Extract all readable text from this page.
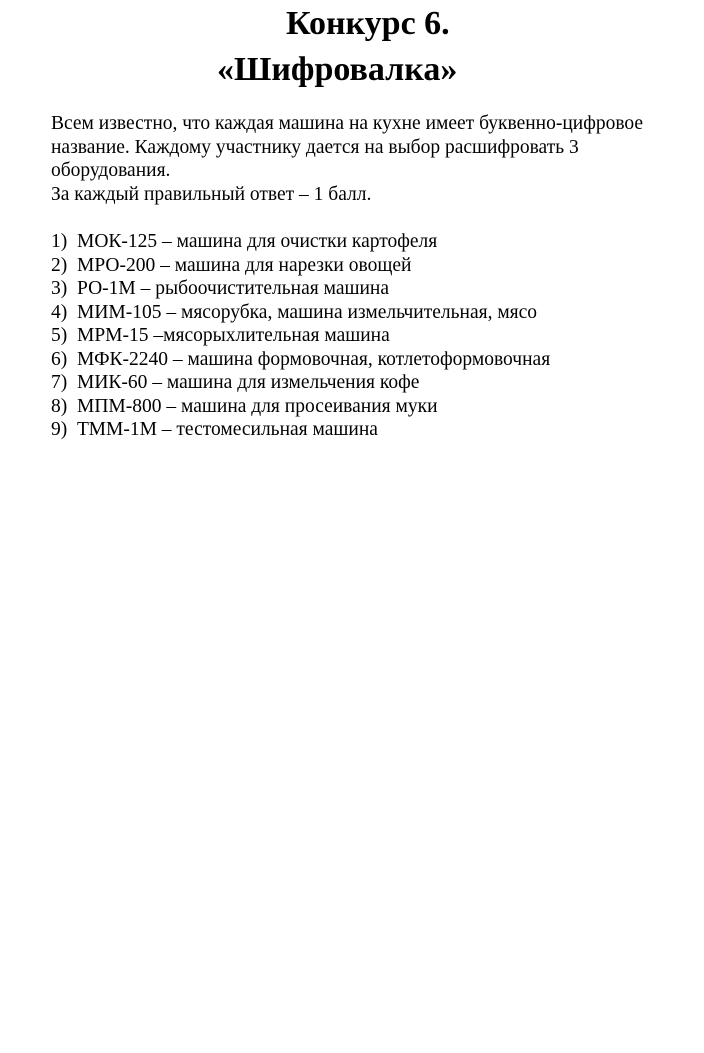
Конкурс 6.
«Шифровалка»

Всем известно, что каждая машина на кухне имеет буквенно-цифровое название. Каждому участнику дается на выбор расшифровать 3 оборудования.

За каждый правильный ответ – 1 балл.

1) МОК-125 – машина для очистки картофеля
2) МРО-200 – машина для нарезки овощей
3) РО-1М – рыбоочистительная машина
4) МИМ-105 – мясорубка, машина измельчительная, мясо
5) МРМ-15 –мясорыхлительная машина
6) МФК-2240 – машина формовочная, котлетоформовочная
7) МИК-60 – машина для измельчения кофе
8) МПМ-800 – машина для просеивания муки
9) ТММ-1М – тестомесильная машина
